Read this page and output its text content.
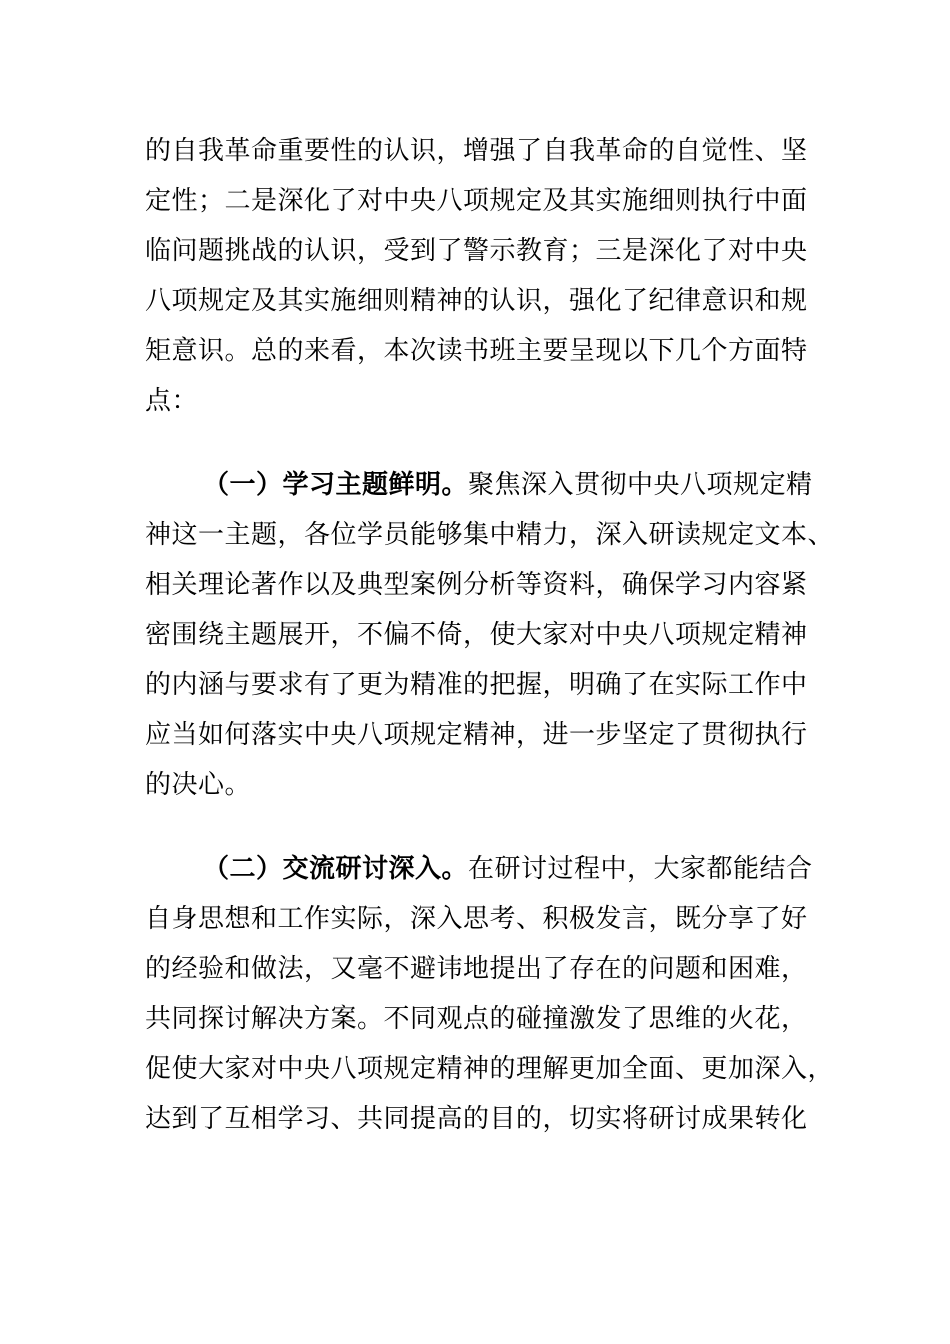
的自我革命重要性的认识，增强了自我革命的自觉性、坚
定性；二是深化了对中央八项规定及其实施细则执行中面
临问题挑战的认识，受到了警示教育；三是深化了对中央
八项规定及其实施细则精神的认识，强化了纪律意识和规
矩意识。总的来看，本次读书班主要呈现以下几个方面特
点：
（一）学习主题鲜明。聚焦深入贯彻中央八项规定精
神这一主题，各位学员能够集中精力，深入研读规定文本、
相关理论著作以及典型案例分析等资料，确保学习内容紧
密围绕主题展开，不偏不倚，使大家对中央八项规定精神
的内涵与要求有了更为精准的把握，明确了在实际工作中
应当如何落实中央八项规定精神，进一步坚定了贯彻执行
的决心。
（二）交流研讨深入。在研讨过程中，大家都能结合
自身思想和工作实际，深入思考、积极发言，既分享了好
的经验和做法，又毫不避讳地提出了存在的问题和困难，
共同探讨解决方案。不同观点的碰撞激发了思维的火花，
促使大家对中央八项规定精神的理解更加全面、更加深入，
达到了互相学习、共同提高的目的，切实将研讨成果转化
